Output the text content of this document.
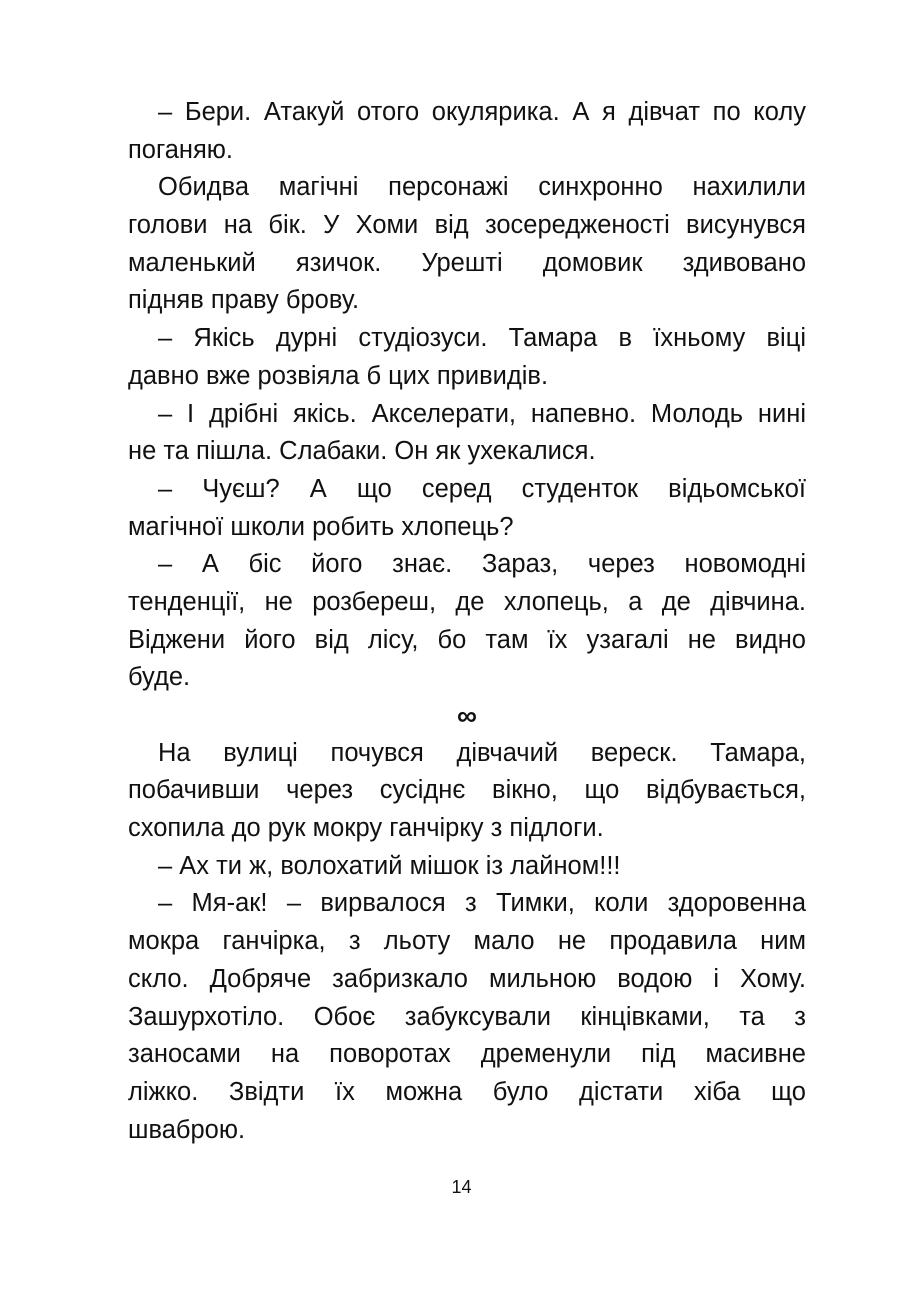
– Бери. Атакуй отого окулярика. А я дівчат по колу
поганяю.
Обидва магічні персонажі синхронно нахилили
голови на бік. У Хоми від зосередженості висунувся
маленький язичок. Урешті домовик здивовано
підняв праву брову.
– Якісь дурні студіозуси. Тамара в їхньому віці
давно вже розвіяла б цих привидів.
– І дрібні якісь. Акселерати, напевно. Молодь нині
не та пішла. Слабаки. Он як ухекалися.
– Чуєш? А що серед студенток відьомської
магічної школи робить хлопець?
– А біс його знає. Зараз, через новомодні
тенденції, не розбереш, де хлопець, а де дівчина.
Віджени його від лісу, бо там їх узагалі не видно
буде.
∞
На вулиці почувся дівчачий вереск. Тамара,
побачивши через сусіднє вікно, що відбувається,
схопила до рук мокру ганчірку з підлоги.
– Ах ти ж, волохатий мішок із лайном!!!
– Мя-ак! – вирвалося з Тимки, коли здоровенна
мокра ганчірка, з льоту мало не продавила ним
скло. Добряче забризкало мильною водою і Хому.
Зашурхотіло. Обоє забуксували кінцівками, та з
заносами на поворотах дременули під масивне
ліжко. Звідти їх можна було дістати хіба що
шваброю.
14
